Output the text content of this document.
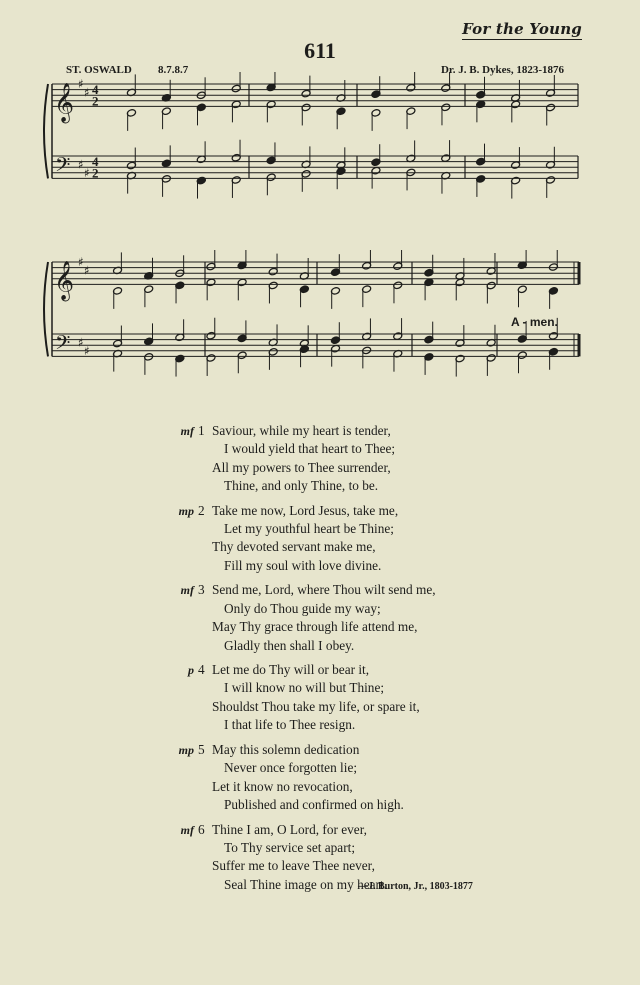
For the Young
611
ST. OSWALD 8.7.8.7	Dr. J. B. Dykes, 1823-1876
𝄞
𝄢
♯
♯
♯
♯
4
2
4
2
𝄞
𝄢
♯
♯
♯
♯
A - men.
mf 1 Saviour, while my heart is tender,
I would yield that heart to Thee;
All my powers to Thee surrender,
Thine, and only Thine, to be.
mp 2 Take me now, Lord Jesus, take me,
Let my youthful heart be Thine;
Thy devoted servant make me,
Fill my soul with love divine.
mf 3 Send me, Lord, where Thou wilt send me,
Only do Thou guide my way;
May Thy grace through life attend me,
Gladly then shall I obey.
p 4 Let me do Thy will or bear it,
I will know no will but Thine;
Shouldst Thou take my life, or spare it,
I that life to Thee resign.
mp 5 May this solemn dedication
Never once forgotten lie;
Let it know no revocation,
Published and confirmed on high.
mf 6 Thine I am, O Lord, for ever,
To Thy service set apart;
Suffer me to leave Thee never,
Seal Thine image on my heart.
—J. Burton, Jr., 1803-1877
